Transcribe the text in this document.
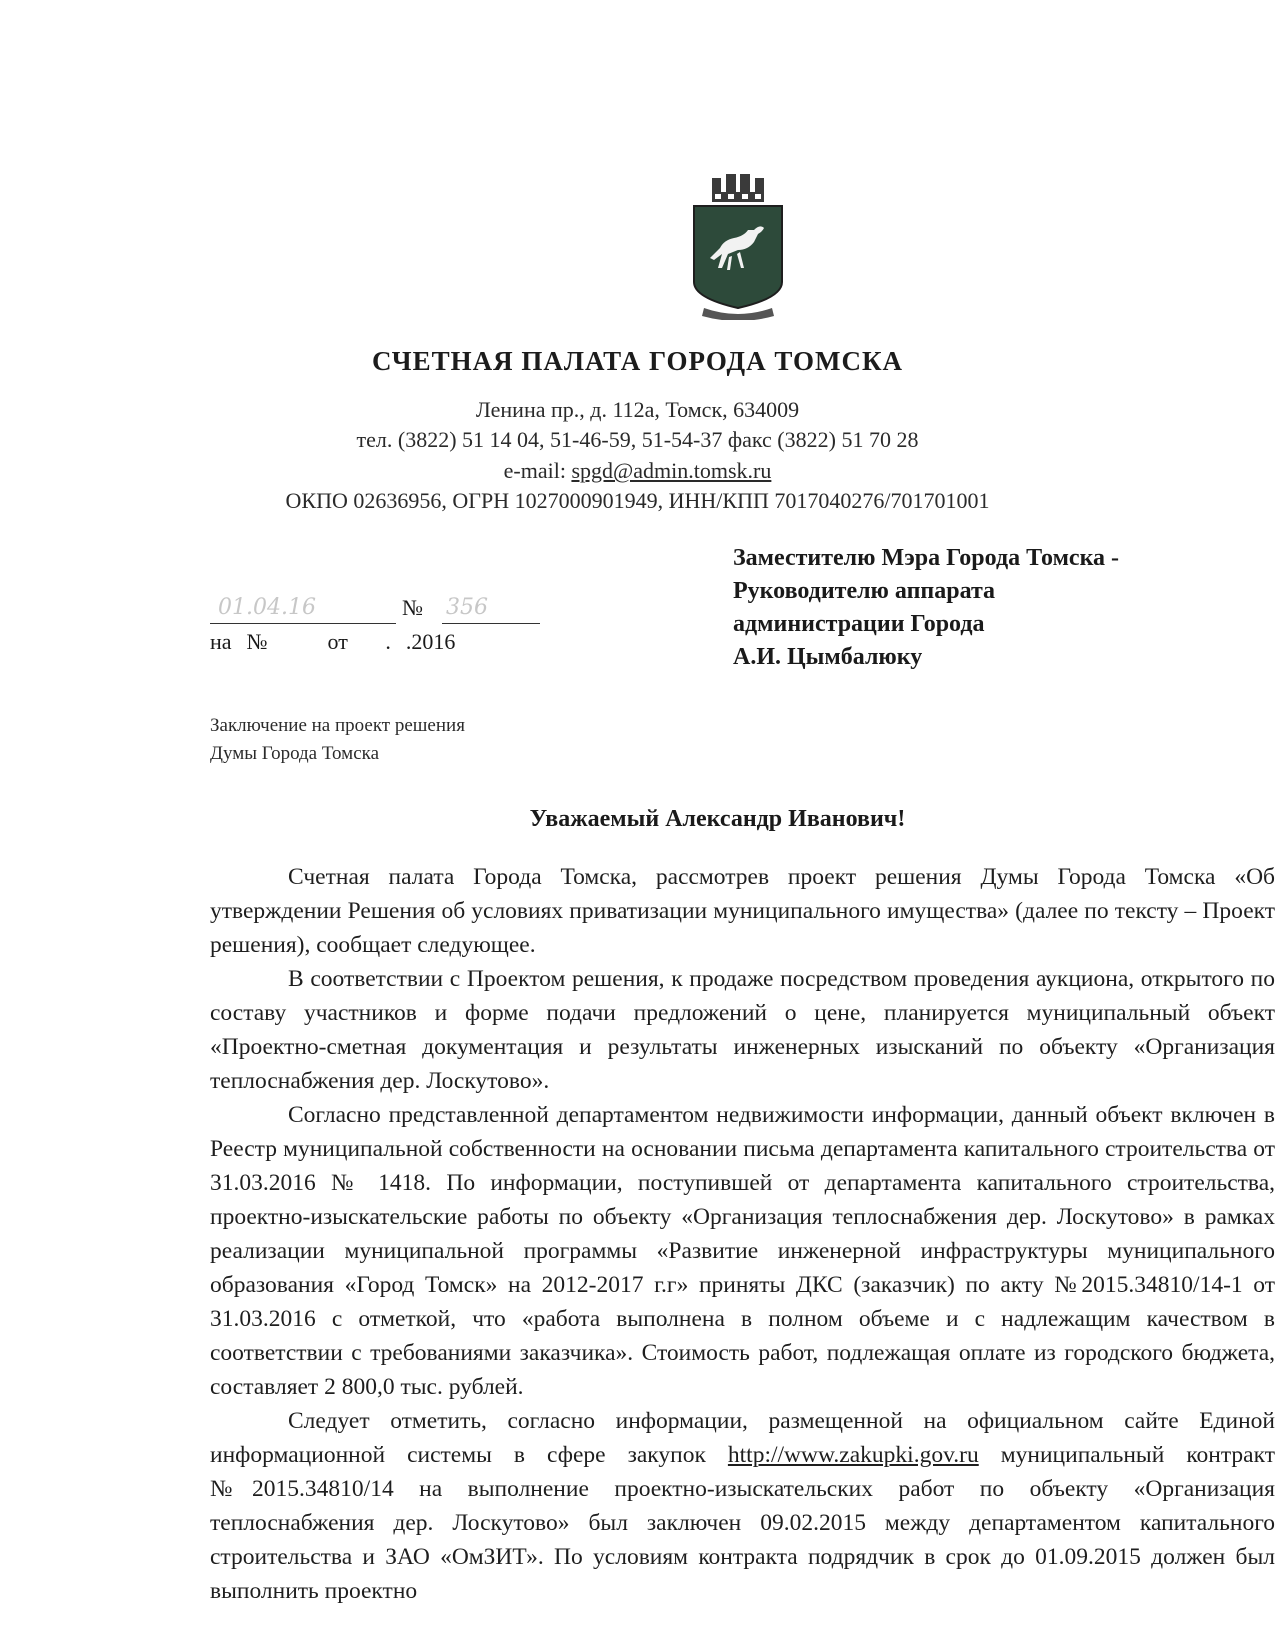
СЧЕТНАЯ ПАЛАТА ГОРОДА ТОМСКА
Ленина пр., д. 112а, Томск, 634009
тел. (3822) 51 14 04, 51-46-59, 51-54-37 факс (3822) 51 70 28
e-mail: spgd@admin.tomsk.ru
ОКПО 02636956, ОГРН 1027000901949, ИНН/КПП 7017040276/701701001
01.04.16	№ 356
на  №        от     .  .2016
Заместителю Мэра Города Томска -
Руководителю аппарата
администрации Города
А.И. Цымбалюку
Заключение на проект решения
Думы Города Томска
Уважаемый Александр Иванович!

Счетная палата Города Томска, рассмотрев проект решения Думы Города Томска «Об утверждении Решения об условиях приватизации муниципального имущества» (далее по тексту – Проект решения), сообщает следующее.

В соответствии с Проектом решения, к продаже посредством проведения аукциона, открытого по составу участников и форме подачи предложений о цене, планируется муниципальный объект «Проектно-сметная документация и результаты инженерных изысканий по объекту «Организация теплоснабжения дер. Лоскутово».

Согласно представленной департаментом недвижимости информации, данный объект включен в Реестр муниципальной собственности на основании письма департамента капитального строительства от 31.03.2016 № 1418. По информации, поступившей от департамента капитального строительства, проектно-изыскательские работы по объекту «Организация теплоснабжения дер. Лоскутово» в рамках реализации муниципальной программы «Развитие инженерной инфраструктуры муниципального образования «Город Томск» на 2012-2017 г.г» приняты ДКС (заказчик) по акту №2015.34810/14-1 от 31.03.2016 с отметкой, что «работа выполнена в полном объеме и с надлежащим качеством в соответствии с требованиями заказчика». Стоимость работ, подлежащая оплате из городского бюджета, составляет 2 800,0 тыс. рублей.

Следует отметить, согласно информации, размещенной на официальном сайте Единой информационной системы в сфере закупок http://www.zakupki.gov.ru муниципальный контракт №2015.34810/14 на выполнение проектно-изыскательских работ по объекту «Организация теплоснабжения дер. Лоскутово» был заключен 09.02.2015 между департаментом капитального строительства и ЗАО «ОмЗИТ». По условиям контракта подрядчик в срок до 01.09.2015 должен был выполнить проектно
